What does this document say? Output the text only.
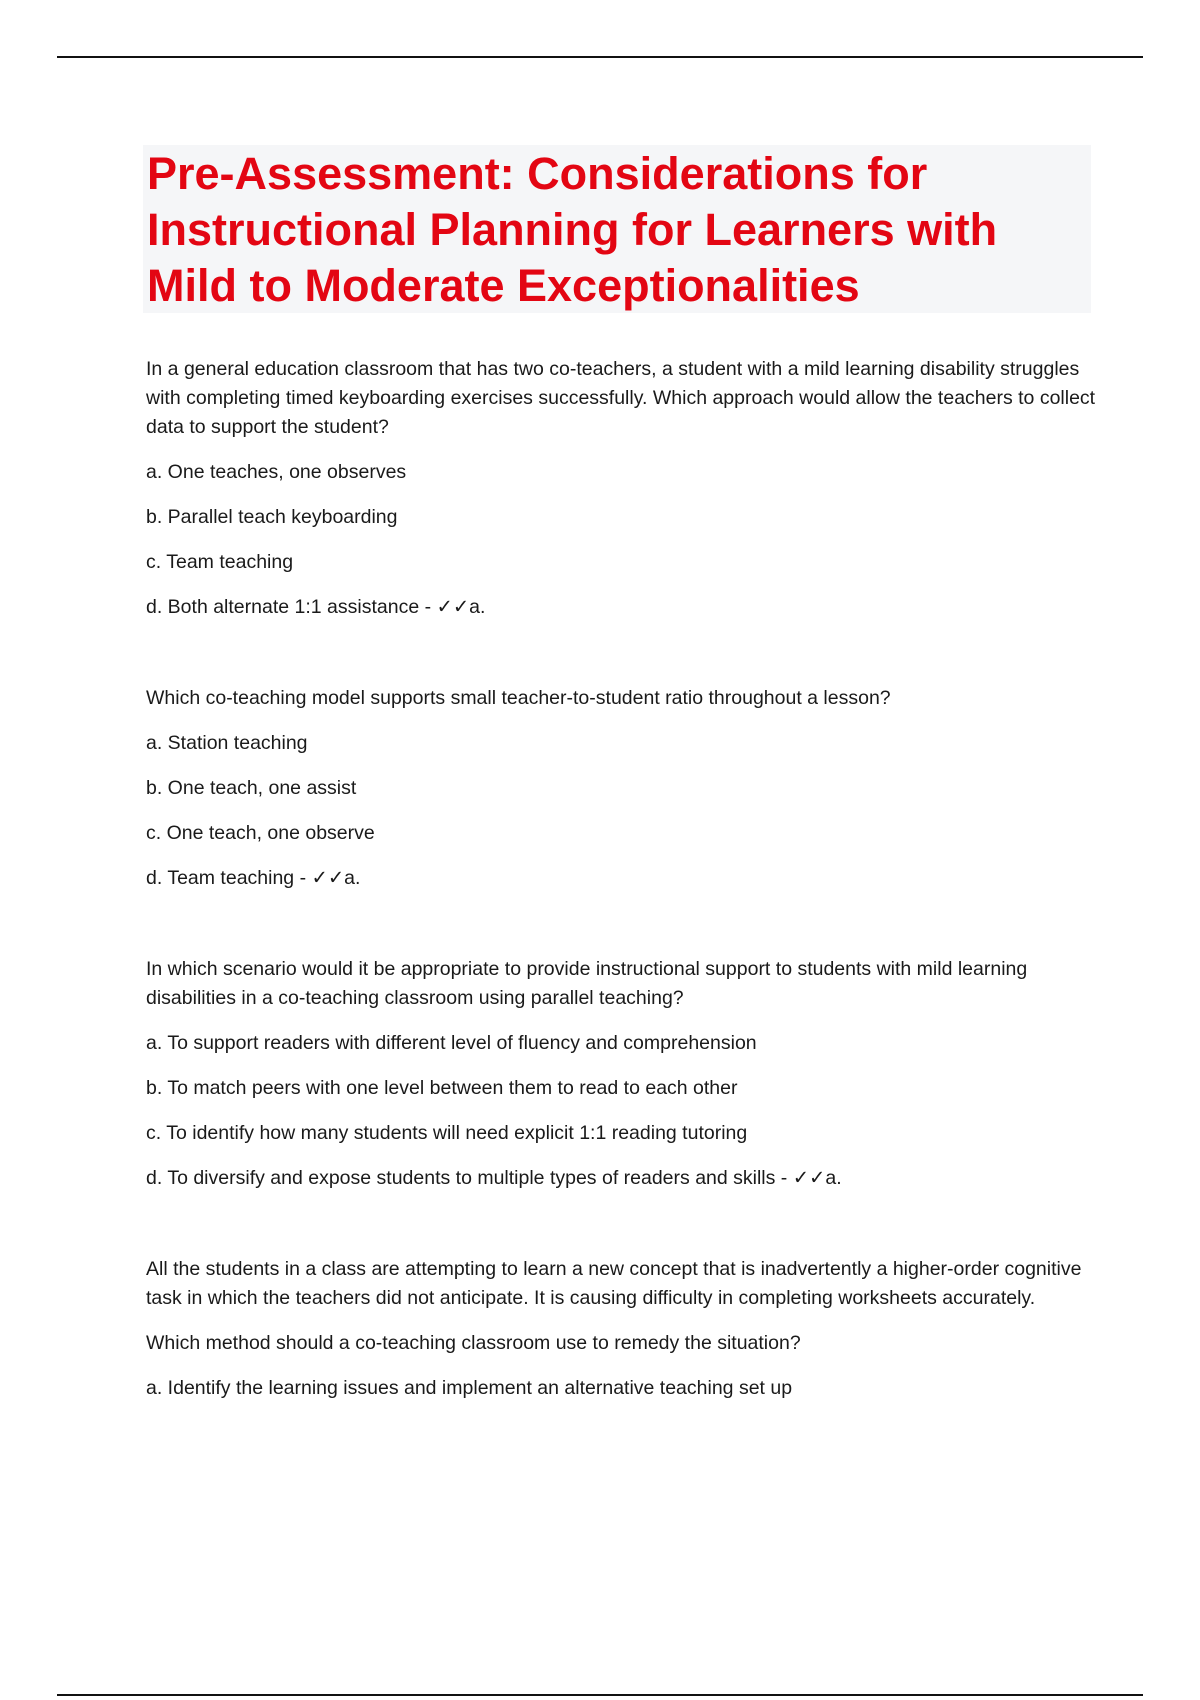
Pre-Assessment: Considerations for Instructional Planning for Learners with Mild to Moderate Exceptionalities

In a general education classroom that has two co-teachers, a student with a mild learning disability struggles with completing timed keyboarding exercises successfully. Which approach would allow the teachers to collect data to support the student?

a. One teaches, one observes

b. Parallel teach keyboarding

c. Team teaching

d. Both alternate 1:1 assistance - ✓✓a.

Which co-teaching model supports small teacher-to-student ratio throughout a lesson?

a. Station teaching

b. One teach, one assist

c. One teach, one observe

d. Team teaching - ✓✓a.

In which scenario would it be appropriate to provide instructional support to students with mild learning disabilities in a co-teaching classroom using parallel teaching?

a. To support readers with different level of fluency and comprehension

b. To match peers with one level between them to read to each other

c. To identify how many students will need explicit 1:1 reading tutoring

d. To diversify and expose students to multiple types of readers and skills - ✓✓a.

All the students in a class are attempting to learn a new concept that is inadvertently a higher-order cognitive task in which the teachers did not anticipate. It is causing difficulty in completing worksheets accurately.

Which method should a co-teaching classroom use to remedy the situation?

a. Identify the learning issues and implement an alternative teaching set up
